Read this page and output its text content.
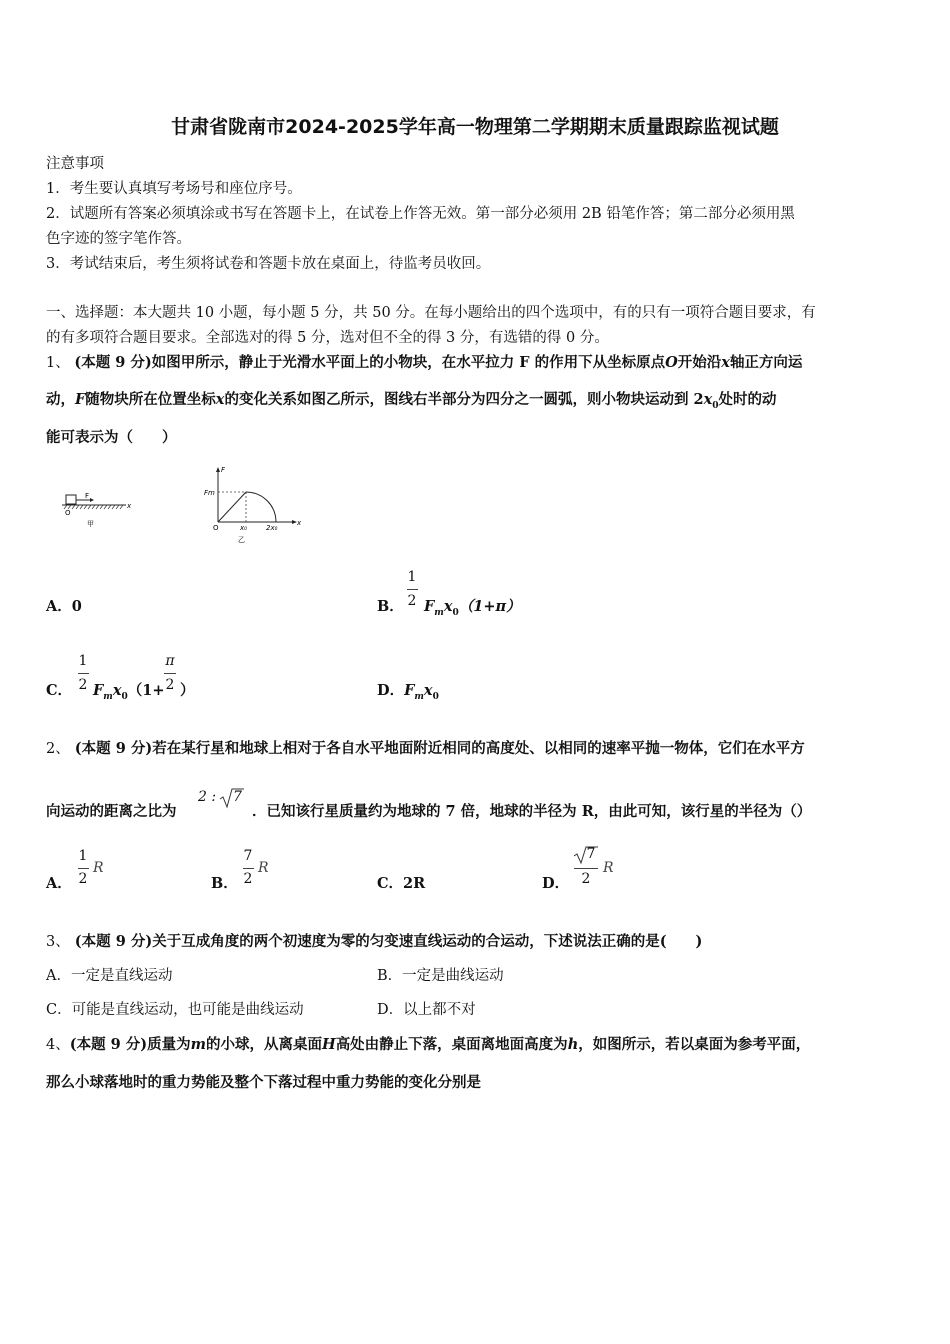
甘肃省陇南市2024-2025学年高一物理第二学期期末质量跟踪监视试题
注意事项
1．考生要认真填写考场号和座位序号。
2．试题所有答案必须填涂或书写在答题卡上，在试卷上作答无效。第一部分必须用 2B 铅笔作答；第二部分必须用黑
色字迹的签字笔作答。
3．考试结束后，考生须将试卷和答题卡放在桌面上，待监考员收回。
一、选择题：本大题共 10 小题，每小题 5 分，共 50 分。在每小题给出的四个选项中，有的只有一项符合题目要求，有
的有多项符合题目要求。全部选对的得 5 分，选对但不全的得 3 分，有选错的得 0 分。
1、 (本题 9 分)如图甲所示，静止于光滑水平面上的小物块，在水平拉力 F 的作用下从坐标原点O开始沿x轴正方向运
动，F随物块所在位置坐标x的变化关系如图乙所示，图线右半部分为四分之一圆弧，则小物块运动到 $2x_0$处时的动
能可表示为（　　）
F
O
x
甲
F
Fm
O	x₀	2x₀
x
乙
A．0	B．
1
2 $F_mx_0(1+\pi)$
C．
1
2 $F_mx_0(1+$
π
2 ）	D．$F_mx_0$
2、 (本题 9 分)若在某行星和地球上相对于各自水平地面附近相同的高度处、以相同的速率平抛一物体，它们在水平方
向运动的距离之比为
2 : 7
．已知该行星质量约为地球的 7 倍，地球的半径为 R，由此可知，该行星的半径为（）
A．
1
2
R
B．
7
2
R
C．2R	D．
7
2
R
3、 (本题 9 分)关于互成角度的两个初速度为零的匀变速直线运动的合运动，下述说法正确的是(　　)
A．一定是直线运动	B．一定是曲线运动
C．可能是直线运动，也可能是曲线运动	D．以上都不对
4、(本题 9 分)质量为m的小球，从离桌面H高处由静止下落，桌面离地面高度为h，如图所示，若以桌面为参考平面，
那么小球落地时的重力势能及整个下落过程中重力势能的变化分别是
